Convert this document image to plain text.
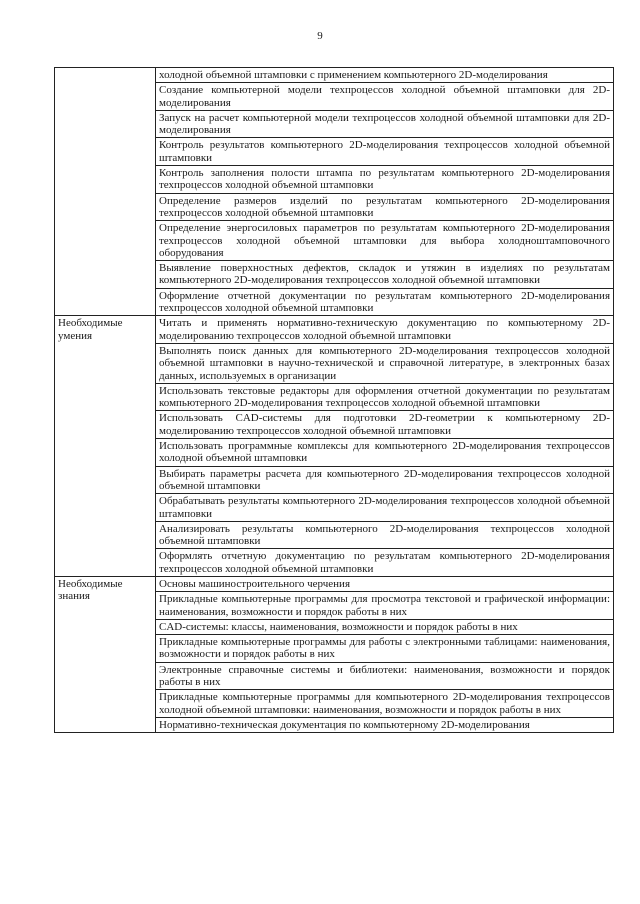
9

	холодной объемной штамповки с применением компьютерного 2D-моделирования

	Создание компьютерной модели техпроцессов холодной объемной штамповки для 2D-моделирования

	Запуск на расчет компьютерной модели техпроцессов холодной объемной штамповки для 2D-моделирования

	Контроль результатов компьютерного 2D-моделирования техпроцессов холодной объемной штамповки

	Контроль заполнения полости штампа по результатам компьютерного 2D-моделирования техпроцессов холодной объемной штамповки

	Определение размеров изделий по результатам компьютерного 2D-моделирования техпроцессов холодной объемной штамповки

	Определение энергосиловых параметров по результатам компьютерного 2D-моделирования техпроцессов холодной объемной штамповки для выбора холодноштамповочного оборудования

	Выявление поверхностных дефектов, складок и утяжин в изделиях по результатам компьютерного 2D-моделирования техпроцессов холодной объемной штамповки

	Оформление отчетной документации по результатам компьютерного 2D-моделирования техпроцессов холодной объемной штамповки

Необходимые умения	Читать и применять нормативно-техническую документацию по компьютерному 2D-моделированию техпроцессов холодной объемной штамповки

	Выполнять поиск данных для компьютерного 2D-моделирования техпроцессов холодной объемной штамповки в научно-технической и справочной литературе, в электронных базах данных, используемых в организации

	Использовать текстовые редакторы для оформления отчетной документации по результатам компьютерного 2D-моделирования техпроцессов холодной объемной штамповки

	Использовать CAD-системы для подготовки 2D-геометрии к компьютерному 2D-моделированию техпроцессов холодной объемной штамповки

	Использовать программные комплексы для компьютерного 2D-моделирования техпроцессов холодной объемной штамповки

	Выбирать параметры расчета для компьютерного 2D-моделирования техпроцессов холодной объемной штамповки

	Обрабатывать результаты компьютерного 2D-моделирования техпроцессов холодной объемной штамповки

	Анализировать результаты компьютерного 2D-моделирования техпроцессов холодной объемной штамповки

	Оформлять отчетную документацию по результатам компьютерного 2D-моделирования техпроцессов холодной объемной штамповки

Необходимые знания	Основы машиностроительного черчения

	Прикладные компьютерные программы для просмотра текстовой и графической информации: наименования, возможности и порядок работы в них

	CAD-системы: классы, наименования, возможности и порядок работы в них

	Прикладные компьютерные программы для работы с электронными таблицами: наименования, возможности и порядок работы в них

	Электронные справочные системы и библиотеки: наименования, возможности и порядок работы в них

	Прикладные компьютерные программы для компьютерного 2D-моделирования техпроцессов холодной объемной штамповки: наименования, возможности и порядок работы в них

	Нормативно-техническая документация по компьютерному 2D-моделирования
